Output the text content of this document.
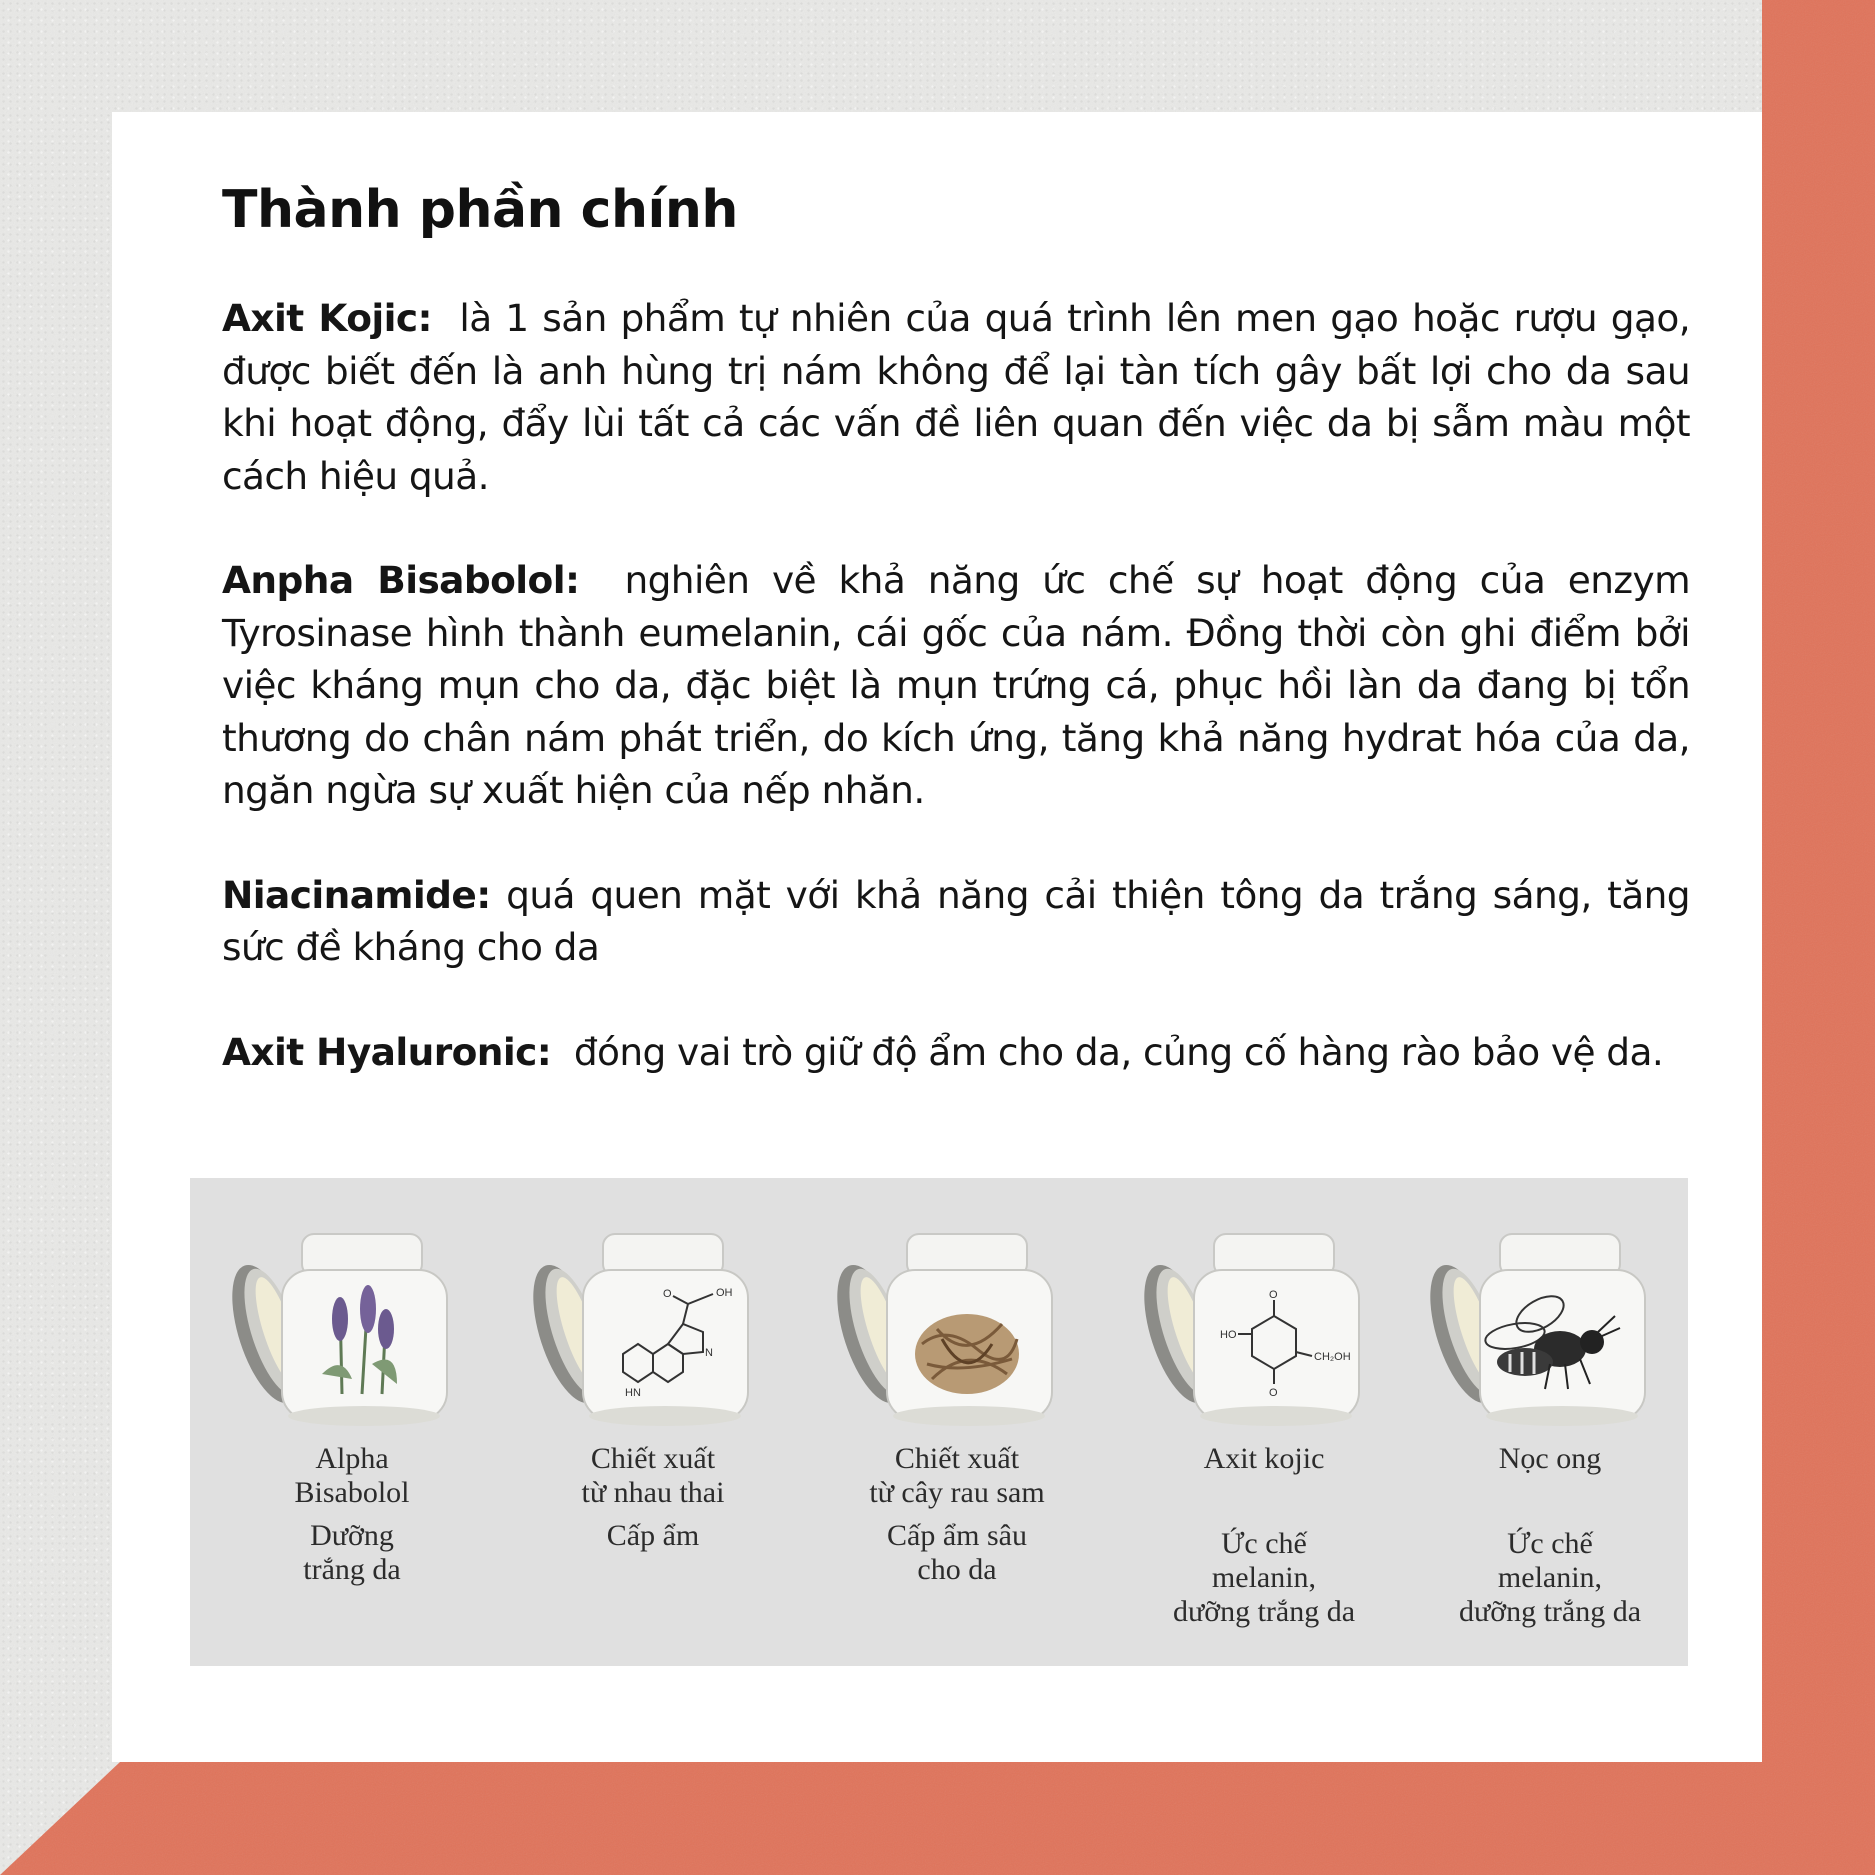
Thành phần chính

Axit Kojic: là 1 sản phẩm tự nhiên của quá trình lên men gạo hoặc rượu gạo, được biết đến là anh hùng trị nám không để lại tàn tích gây bất lợi cho da sau khi hoạt động, đẩy lùi tất cả các vấn đề liên quan đến việc da bị sẫm màu một cách hiệu quả.

Anpha Bisabolol: nghiên về khả năng ức chế sự hoạt động của enzym Tyrosinase hình thành eumelanin, cái gốc của nám. Đồng thời còn ghi điểm bởi việc kháng mụn cho da, đặc biệt là mụn trứng cá, phục hồi làn da đang bị tổn thương do chân nám phát triển, do kích ứng, tăng khả năng hydrat hóa của da, ngăn ngừa sự xuất hiện của nếp nhăn.

Niacinamide: quá quen mặt với khả năng cải thiện tông da trắng sáng, tăng sức đề kháng cho da

Axit Hyaluronic: đóng vai trò giữ độ ẩm cho da, củng cố hàng rào bảo vệ da.

Alpha
Bisabolol

Dưỡng
trắng da

O	OH
N
HN

Chiết xuất
từ nhau thai

Cấp ẩm

Chiết xuất
từ cây rau sam

Cấp ẩm sâu
cho da

O
O
HO
CH₂OH

Axit kojic

Ức chế
melanin,
dưỡng trắng da

Nọc ong

Ức chế
melanin,
dưỡng trắng da
